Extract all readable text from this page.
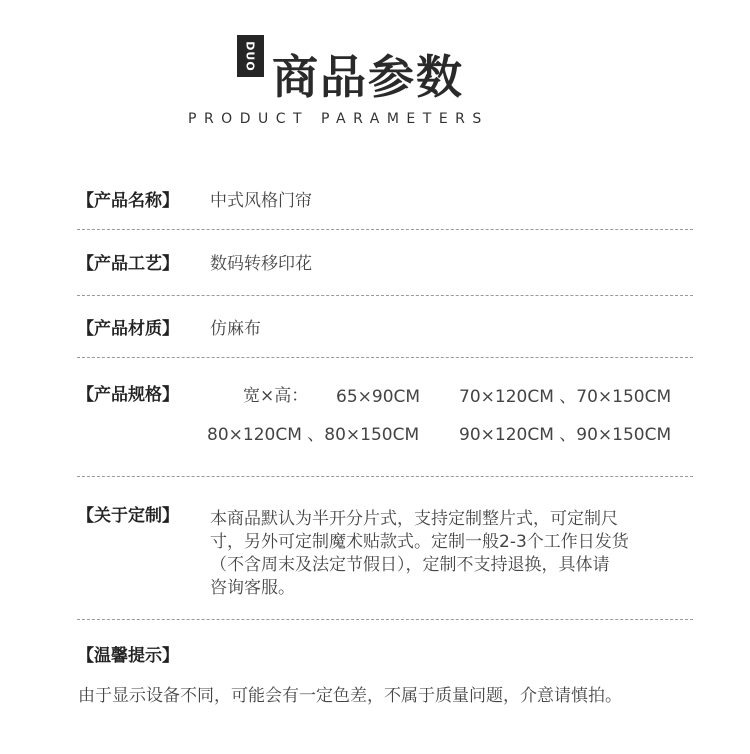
DUO 商品参数
PRODUCT PARAMETERS
【产品名称】 中式风格门帘
【产品工艺】 数码转移印花
【产品材质】 仿麻布
【产品规格】	宽×高： 65×90CM 70×120CM 、70×150CM
80×120CM 、80×150CM 90×120CM 、90×150CM
【关于定制】 本商品默认为半开分片式，支持定制整片式，可定制尺
寸，另外可定制魔术贴款式。定制一般2-3个工作日发货
（不含周末及法定节假日），定制不支持退换，具体请
咨询客服。
【温馨提示】
由于显示设备不同，可能会有一定色差，不属于质量问题，介意请慎拍。
